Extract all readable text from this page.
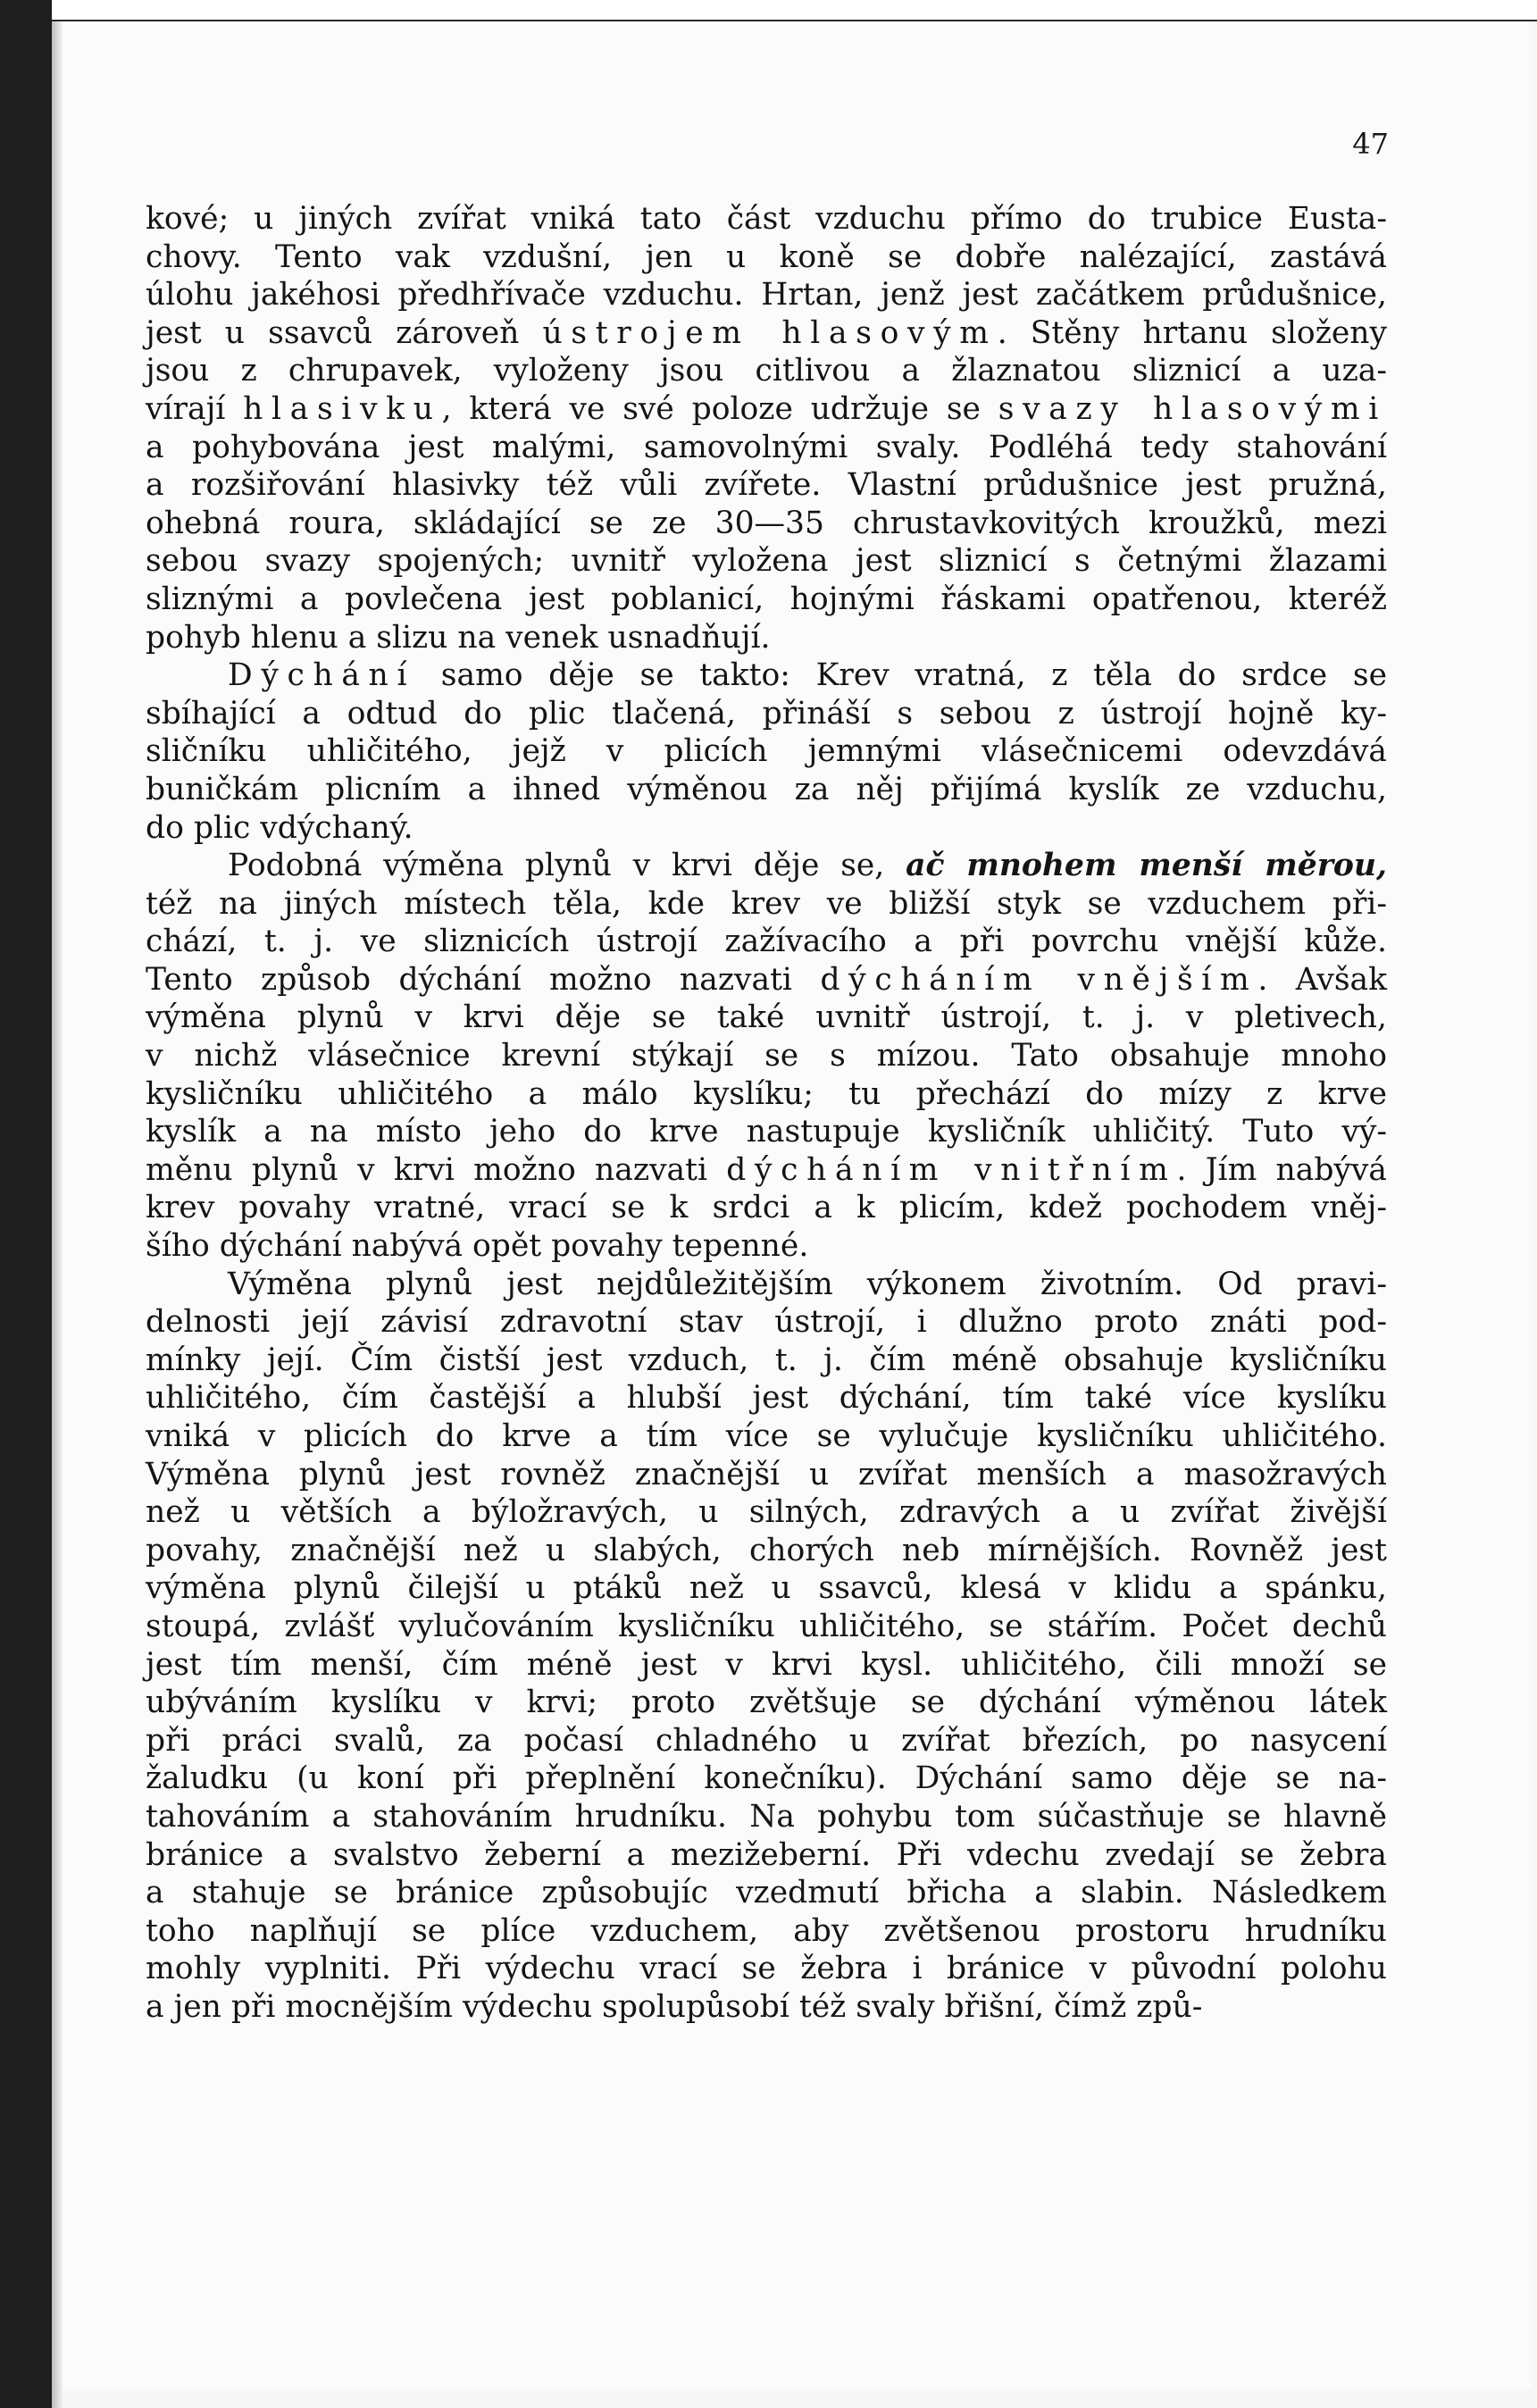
47
kové; u jiných zvířat vniká tato část vzduchu přímo do trubice Eusta-
chovy. Tento vak vzdušní, jen u koně se dobře nalézající, zastává
úlohu jakéhosi předhřívače vzduchu. Hrtan, jenž jest začátkem průdušnice,
jest u ssavců zároveň ústrojem hlasovým. Stěny hrtanu složeny
jsou z chrupavek, vyloženy jsou citlivou a žlaznatou sliznicí a uza-
vírají hlasivku, která ve své poloze udržuje se svazy hlasovými
a pohybována jest malými, samovolnými svaly. Podléhá tedy stahování
a rozšiřování hlasivky též vůli zvířete. Vlastní průdušnice jest pružná,
ohebná roura, skládající se ze 30—35 chrustavkovitých kroužků, mezi
sebou svazy spojených; uvnitř vyložena jest sliznicí s četnými žlazami
sliznými a povlečena jest poblanicí, hojnými řáskami opatřenou, kteréž
pohyb hlenu a slizu na venek usnadňují.
Dýchání samo děje se takto: Krev vratná, z těla do srdce se
sbíhající a odtud do plic tlačená, přináší s sebou z ústrojí hojně ky-
sličníku uhličitého, jejž v plicích jemnými vlásečnicemi odevzdává
buničkám plicním a ihned výměnou za něj přijímá kyslík ze vzduchu,
do plic vdýchaný.
Podobná výměna plynů v krvi děje se, ač mnohem menší měrou,
též na jiných místech těla, kde krev ve bližší styk se vzduchem při-
chází, t. j. ve sliznicích ústrojí zažívacího a při povrchu vnější kůže.
Tento způsob dýchání možno nazvati dýcháním vnějším. Avšak
výměna plynů v krvi děje se také uvnitř ústrojí, t. j. v pletivech,
v nichž vlásečnice krevní stýkají se s mízou. Tato obsahuje mnoho
kysličníku uhličitého a málo kyslíku; tu přechází do mízy z krve
kyslík a na místo jeho do krve nastupuje kysličník uhličitý. Tuto vý-
měnu plynů v krvi možno nazvati dýcháním vnitřním. Jím nabývá
krev povahy vratné, vrací se k srdci a k plicím, kdež pochodem vněj-
šího dýchání nabývá opět povahy tepenné.
Výměna plynů jest nejdůležitějším výkonem životním. Od pravi-
delnosti její závisí zdravotní stav ústrojí, i dlužno proto znáti pod-
mínky její. Čím čistší jest vzduch, t. j. čím méně obsahuje kysličníku
uhličitého, čím častější a hlubší jest dýchání, tím také více kyslíku
vniká v plicích do krve a tím více se vylučuje kysličníku uhličitého.
Výměna plynů jest rovněž značnější u zvířat menších a masožravých
než u větších a býložravých, u silných, zdravých a u zvířat živější
povahy, značnější než u slabých, chorých neb mírnějších. Rovněž jest
výměna plynů čilejší u ptáků než u ssavců, klesá v klidu a spánku,
stoupá, zvlášť vylučováním kysličníku uhličitého, se stářím. Počet dechů
jest tím menší, čím méně jest v krvi kysl. uhličitého, čili množí se
ubýváním kyslíku v krvi; proto zvětšuje se dýchání výměnou látek
při práci svalů, za počasí chladného u zvířat březích, po nasycení
žaludku (u koní při přeplnění konečníku). Dýchání samo děje se na-
tahováním a stahováním hrudníku. Na pohybu tom súčastňuje se hlavně
bránice a svalstvo žeberní a mezižeberní. Při vdechu zvedají se žebra
a stahuje se bránice způsobujíc vzedmutí břicha a slabin. Následkem
toho naplňují se plíce vzduchem, aby zvětšenou prostoru hrudníku
mohly vyplniti. Při výdechu vrací se žebra i bránice v původní polohu
a jen při mocnějším výdechu spolupůsobí též svaly břišní, čímž způ-
